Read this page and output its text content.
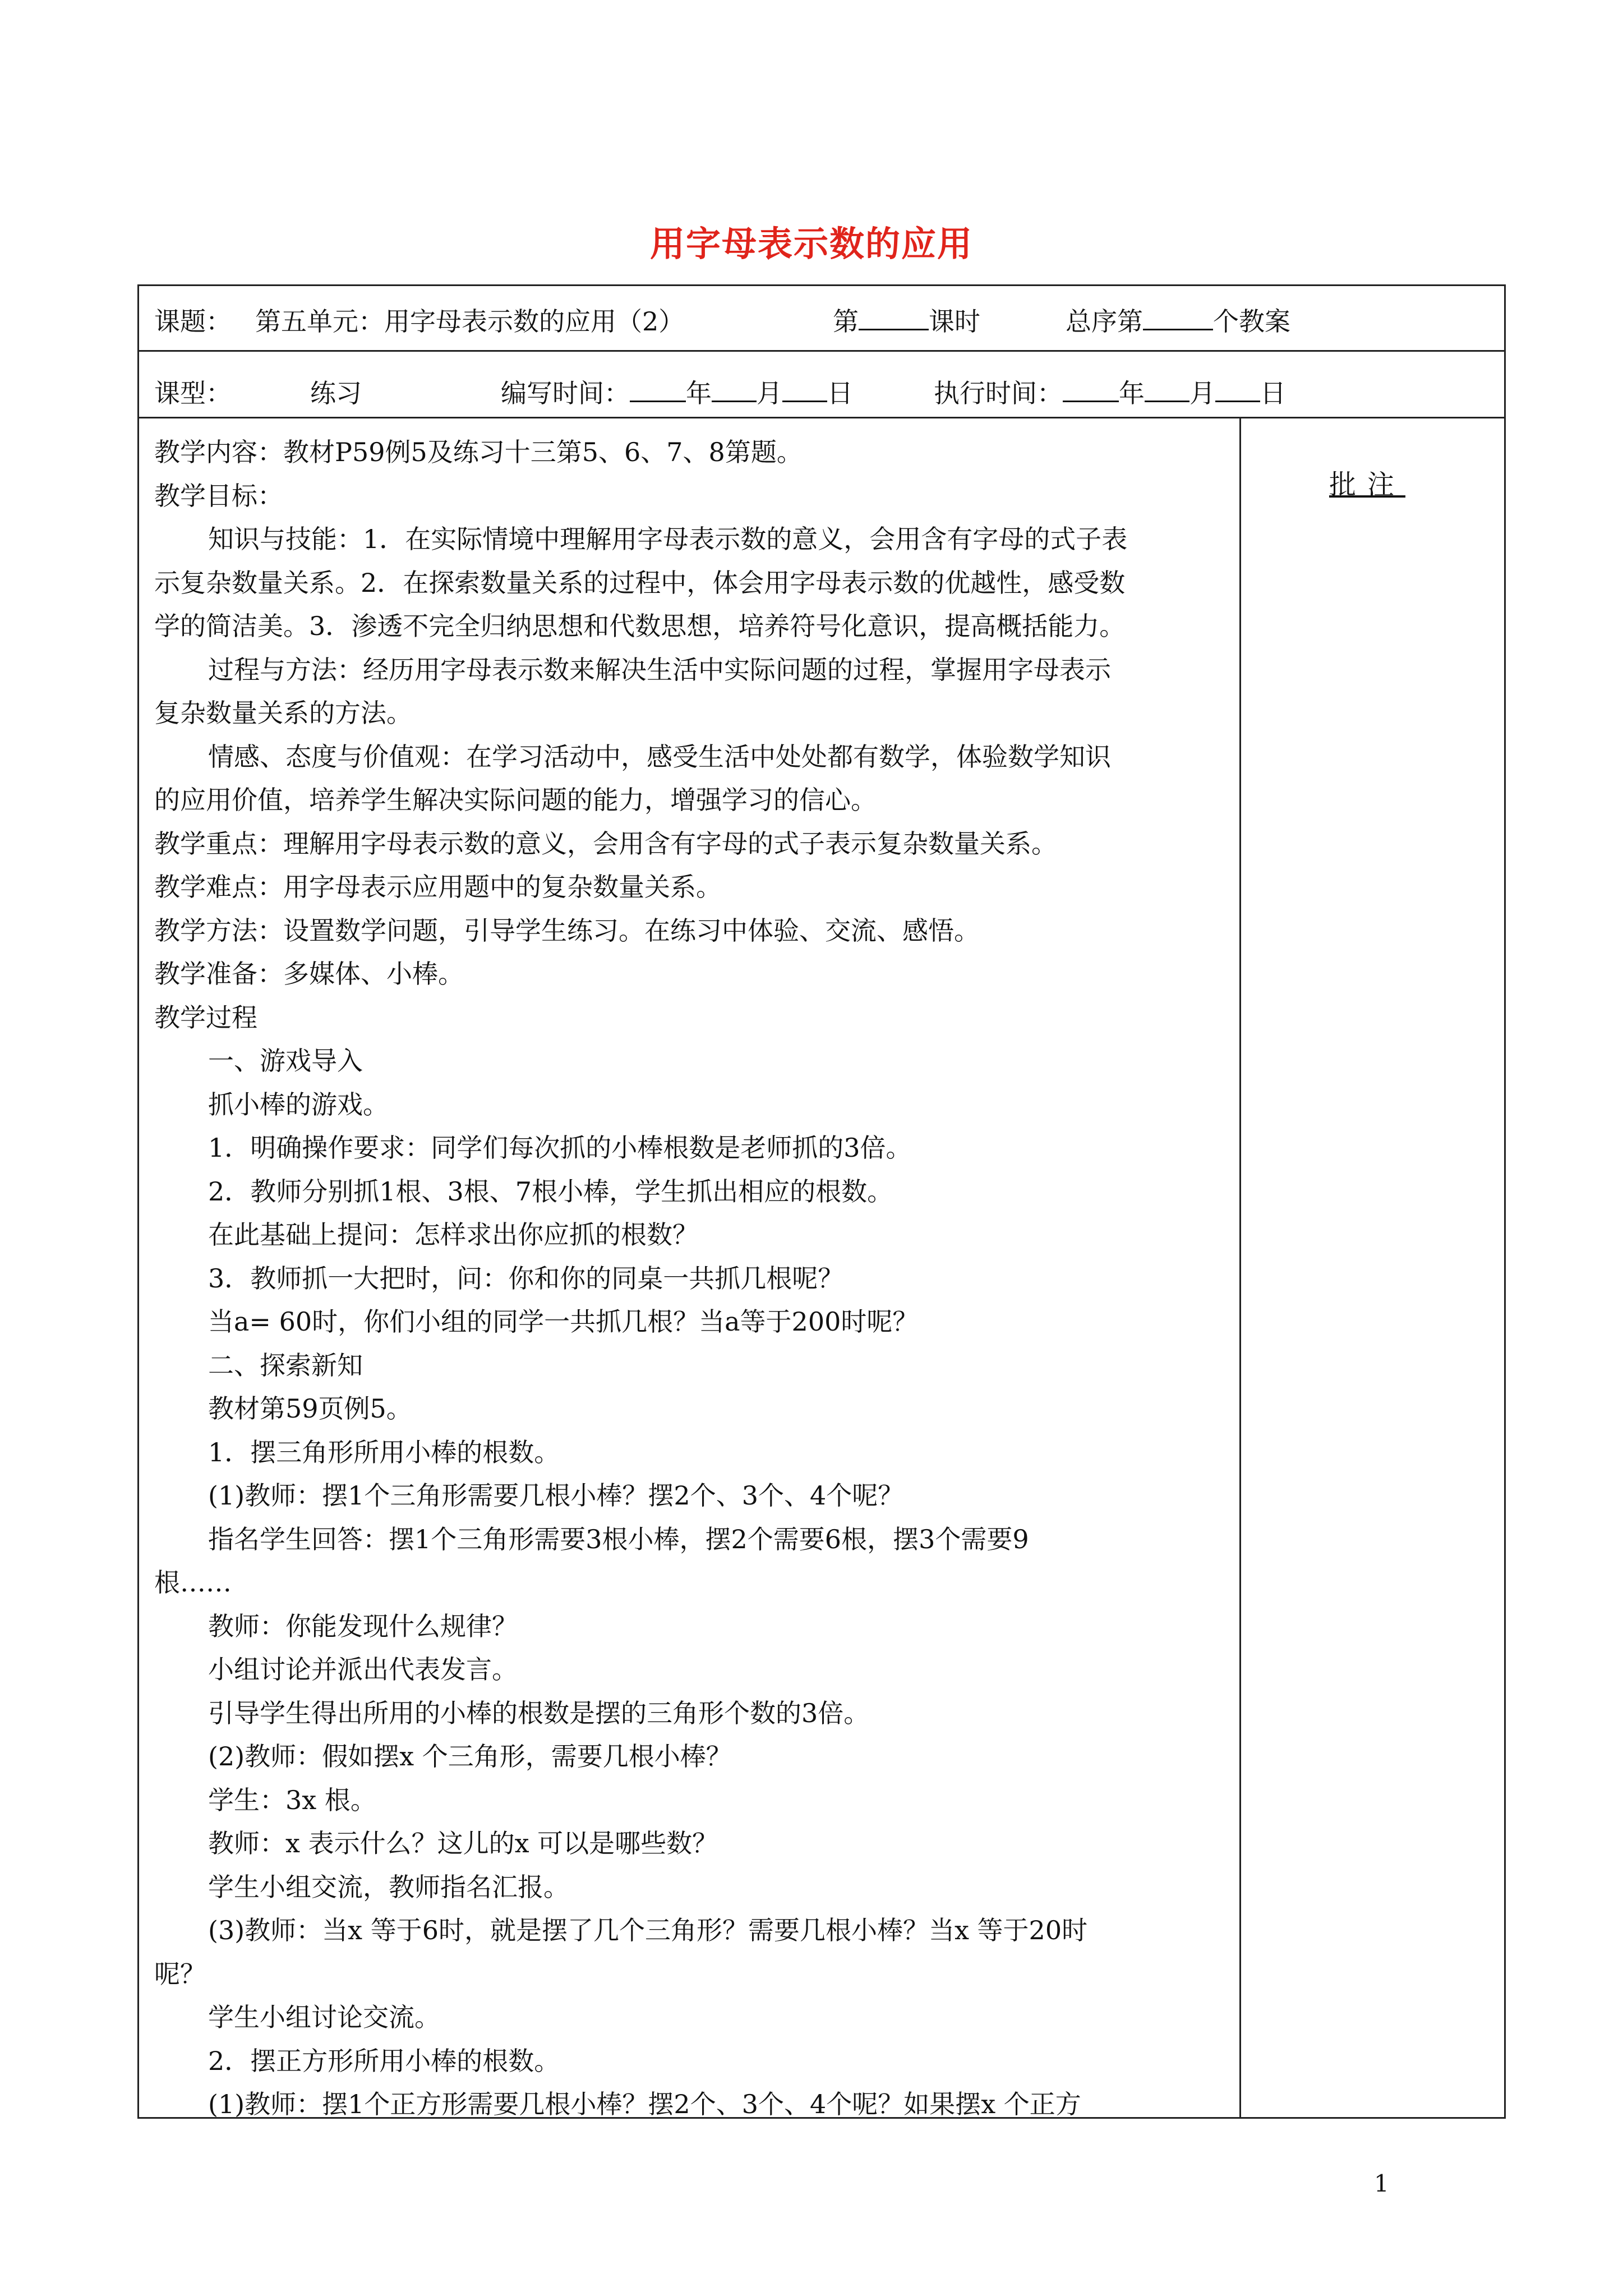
用字母表示数的应用
课题： 第五单元：用字母表示数的应用（2）	第	课时	总序第	个教案
课型：	练习	编写时间： 年 月 日	执行时间： 年 月 日
批注
教学内容：教材P59例5及练习十三第5、6、7、8第题。
教学目标：
知识与技能：1．在实际情境中理解用字母表示数的意义，会用含有字母的式子表
示复杂数量关系。2．在探索数量关系的过程中，体会用字母表示数的优越性，感受数
学的简洁美。3．渗透不完全归纳思想和代数思想，培养符号化意识，提高概括能力。
过程与方法：经历用字母表示数来解决生活中实际问题的过程，掌握用字母表示
复杂数量关系的方法。
情感、态度与价值观：在学习活动中，感受生活中处处都有数学，体验数学知识
的应用价值，培养学生解决实际问题的能力，增强学习的信心。
教学重点：理解用字母表示数的意义，会用含有字母的式子表示复杂数量关系。
教学难点：用字母表示应用题中的复杂数量关系。
教学方法：设置数学问题，引导学生练习。在练习中体验、交流、感悟。
教学准备：多媒体、小棒。
教学过程
一、游戏导入
抓小棒的游戏。
1．明确操作要求：同学们每次抓的小棒根数是老师抓的3倍。
2．教师分别抓1根、3根、7根小棒，学生抓出相应的根数。
在此基础上提问：怎样求出你应抓的根数？
3．教师抓一大把时，问：你和你的同桌一共抓几根呢？
当a= 60时，你们小组的同学一共抓几根？当a等于200时呢？
二、探索新知
教材第59页例5。
1．摆三角形所用小棒的根数。
(1)教师：摆1个三角形需要几根小棒？摆2个、3个、4个呢？
指名学生回答：摆1个三角形需要3根小棒，摆2个需要6根，摆3个需要9
根……
教师：你能发现什么规律？
小组讨论并派出代表发言。
引导学生得出所用的小棒的根数是摆的三角形个数的3倍。
(2)教师：假如摆x 个三角形，需要几根小棒？
学生：3x 根。
教师：x 表示什么？这儿的x 可以是哪些数？
学生小组交流，教师指名汇报。
(3)教师：当x 等于6时，就是摆了几个三角形？需要几根小棒？当x 等于20时
呢？
学生小组讨论交流。
2．摆正方形所用小棒的根数。
(1)教师：摆1个正方形需要几根小棒？摆2个、3个、4个呢？如果摆x 个正方
1
